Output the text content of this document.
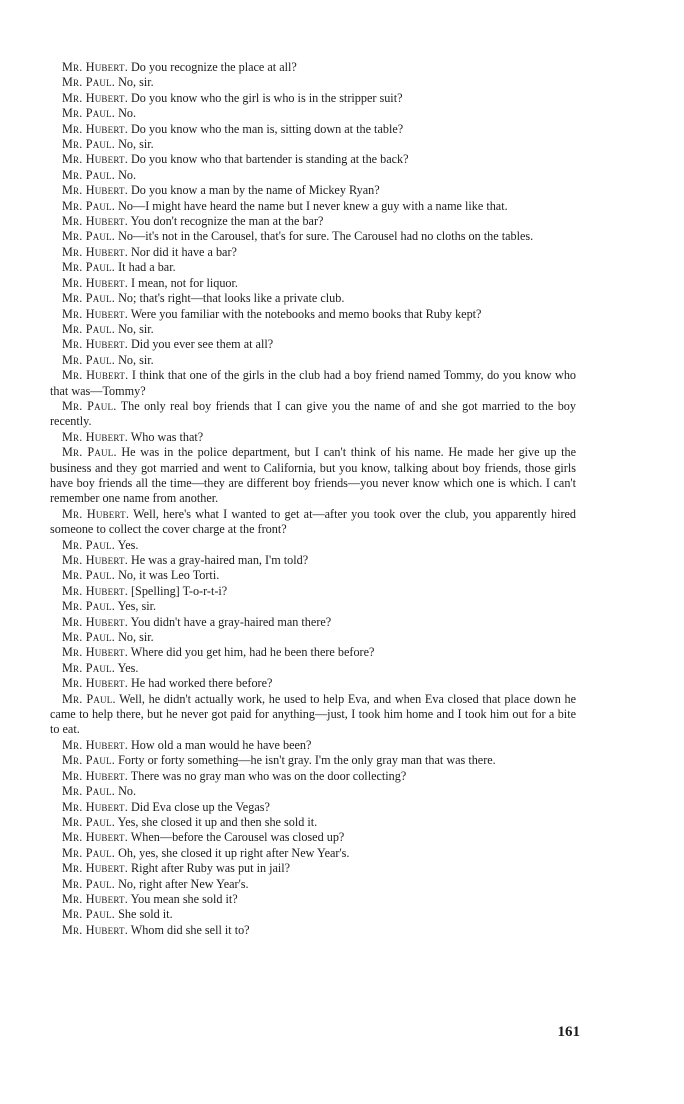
Mr. Hubert. Do you recognize the place at all?

Mr. Paul. No, sir.

Mr. Hubert. Do you know who the girl is who is in the stripper suit?

Mr. Paul. No.

Mr. Hubert. Do you know who the man is, sitting down at the table?

Mr. Paul. No, sir.

Mr. Hubert. Do you know who that bartender is standing at the back?

Mr. Paul. No.

Mr. Hubert. Do you know a man by the name of Mickey Ryan?

Mr. Paul. No—I might have heard the name but I never knew a guy with a name like that.

Mr. Hubert. You don't recognize the man at the bar?

Mr. Paul. No—it's not in the Carousel, that's for sure. The Carousel had no cloths on the tables.

Mr. Hubert. Nor did it have a bar?

Mr. Paul. It had a bar.

Mr. Hubert. I mean, not for liquor.

Mr. Paul. No; that's right—that looks like a private club.

Mr. Hubert. Were you familiar with the notebooks and memo books that Ruby kept?

Mr. Paul. No, sir.

Mr. Hubert. Did you ever see them at all?

Mr. Paul. No, sir.

Mr. Hubert. I think that one of the girls in the club had a boy friend named Tommy, do you know who that was—Tommy?

Mr. Paul. The only real boy friends that I can give you the name of and she got married to the boy recently.

Mr. Hubert. Who was that?

Mr. Paul. He was in the police department, but I can't think of his name. He made her give up the business and they got married and went to California, but you know, talking about boy friends, those girls have boy friends all the time—they are different boy friends—you never know which one is which. I can't remember one name from another.

Mr. Hubert. Well, here's what I wanted to get at—after you took over the club, you apparently hired someone to collect the cover charge at the front?

Mr. Paul. Yes.

Mr. Hubert. He was a gray-haired man, I'm told?

Mr. Paul. No, it was Leo Torti.

Mr. Hubert. [Spelling] T-o-r-t-i?

Mr. Paul. Yes, sir.

Mr. Hubert. You didn't have a gray-haired man there?

Mr. Paul. No, sir.

Mr. Hubert. Where did you get him, had he been there before?

Mr. Paul. Yes.

Mr. Hubert. He had worked there before?

Mr. Paul. Well, he didn't actually work, he used to help Eva, and when Eva closed that place down he came to help there, but he never got paid for anything—just, I took him home and I took him out for a bite to eat.

Mr. Hubert. How old a man would he have been?

Mr. Paul. Forty or forty something—he isn't gray. I'm the only gray man that was there.

Mr. Hubert. There was no gray man who was on the door collecting?

Mr. Paul. No.

Mr. Hubert. Did Eva close up the Vegas?

Mr. Paul. Yes, she closed it up and then she sold it.

Mr. Hubert. When—before the Carousel was closed up?

Mr. Paul. Oh, yes, she closed it up right after New Year's.

Mr. Hubert. Right after Ruby was put in jail?

Mr. Paul. No, right after New Year's.

Mr. Hubert. You mean she sold it?

Mr. Paul. She sold it.

Mr. Hubert. Whom did she sell it to?

161
